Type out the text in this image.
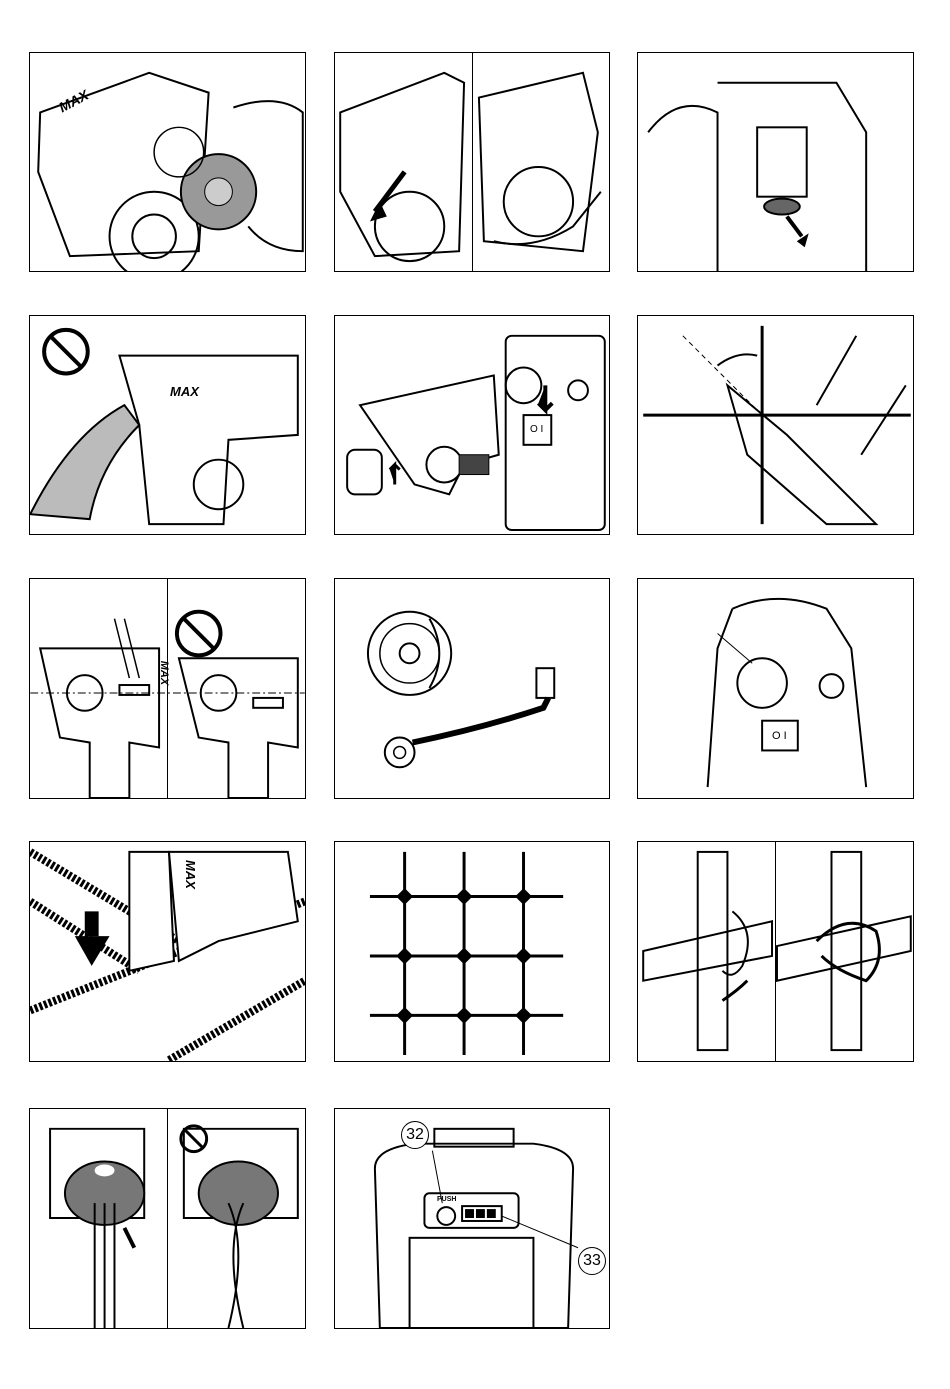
MAX
MAX
O I
MAX
O I
MAX
PUSH
32
33
